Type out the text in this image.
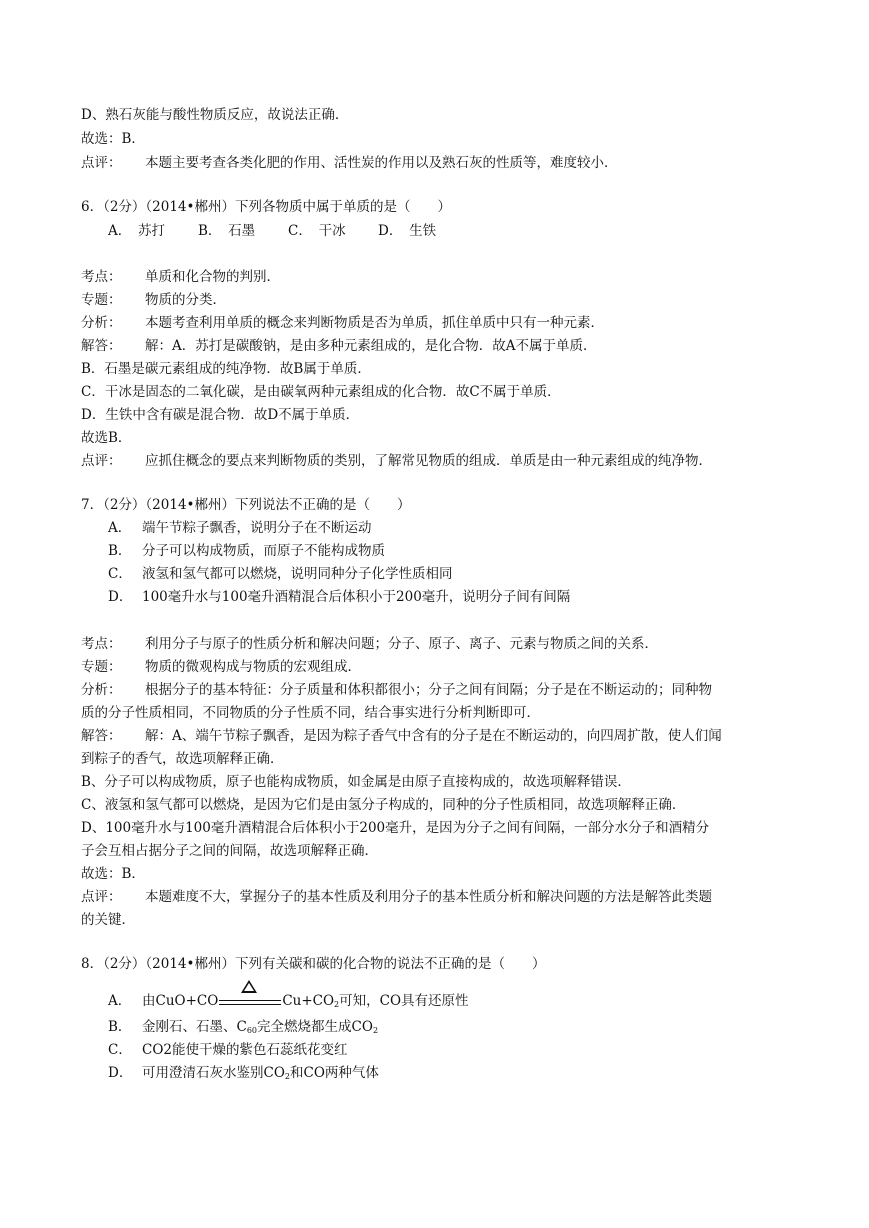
D、熟石灰能与酸性物质反应，故说法正确．
故选：B．
点评： 本题主要考查各类化肥的作用、活性炭的作用以及熟石灰的性质等，难度较小．
6．（2分）（2014•郴州）下列各物质中属于单质的是（　　）
A．　苏打 B．　石墨 C．　干冰 D．　生铁
考点： 单质和化合物的判别．
专题： 物质的分类．
分析： 本题考查利用单质的概念来判断物质是否为单质，抓住单质中只有一种元素．
解答： 解：A．苏打是碳酸钠，是由多种元素组成的，是化合物．故A不属于单质．
B．石墨是碳元素组成的纯净物．故B属于单质．
C．干冰是固态的二氧化碳，是由碳氧两种元素组成的化合物．故C不属于单质．
D．生铁中含有碳是混合物．故D不属于单质．
故选B．
点评： 应抓住概念的要点来判断物质的类别，了解常见物质的组成．单质是由一种元素组成的纯净物．
7．（2分）（2014•郴州）下列说法不正确的是（　　）
A． 端午节粽子飘香，说明分子在不断运动
B． 分子可以构成物质，而原子不能构成物质
C． 液氢和氢气都可以燃烧，说明同种分子化学性质相同
D． 100毫升水与100毫升酒精混合后体积小于200毫升，说明分子间有间隔
考点： 利用分子与原子的性质分析和解决问题；分子、原子、离子、元素与物质之间的关系．
专题： 物质的微观构成与物质的宏观组成．
分析： 根据分子的基本特征：分子质量和体积都很小；分子之间有间隔；分子是在不断运动的；同种物
质的分子性质相同，不同物质的分子性质不同，结合事实进行分析判断即可．
解答： 解：A、端午节粽子飘香，是因为粽子香气中含有的分子是在不断运动的，向四周扩散，使人们闻
到粽子的香气，故选项解释正确．
B、分子可以构成物质，原子也能构成物质，如金属是由原子直接构成的，故选项解释错误．
C、液氢和氢气都可以燃烧，是因为它们是由氢分子构成的，同种的分子性质相同，故选项解释正确．
D、100毫升水与100毫升酒精混合后体积小于200毫升，是因为分子之间有间隔，一部分水分子和酒精分
子会互相占据分子之间的间隔，故选项解释正确．
故选：B．
点评： 本题难度不大，掌握分子的基本性质及利用分子的基本性质分析和解决问题的方法是解答此类题
的关键．
8．（2分）（2014•郴州）下列有关碳和碳的化合物的说法不正确的是（　　）
A． 由CuO+CO	$Cu+CO_2$可知，CO具有还原性
B． 金刚石、石墨、$C_{60}$完全燃烧都生成$CO_2$
C． CO2能使干燥的紫色石蕊纸花变红
D． 可用澄清石灰水鉴别$CO_2$和CO两种气体
